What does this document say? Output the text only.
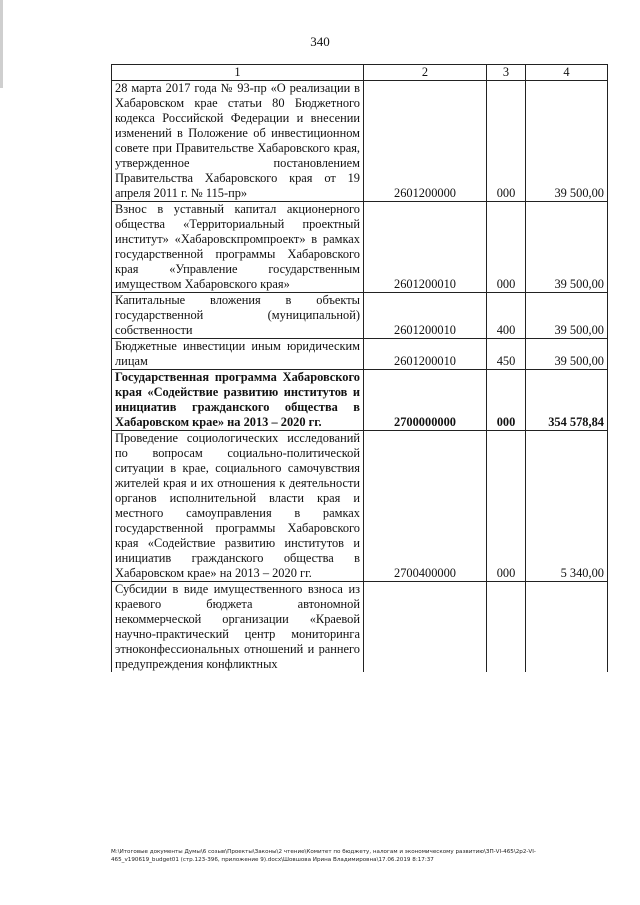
340
1	2	3	4
28 марта 2017 года № 93-пр «О реализации в Хабаровском крае статьи 80 Бюджетного кодекса Российской Федерации и внесении изменений в Положение об инвестиционном совете при Правительстве Хабаровского края, утвержденное постановлением Правительства Хабаровского края от 19 апреля 2011 г. № 115-пр»	2601200000	000	39 500,00
Взнос в уставный капитал акционерного общества «Территориальный проектный институт» «Хабаровскпромпроект» в рамках государственной программы Хабаровского края «Управление государственным имуществом Хабаровского края»	2601200010	000	39 500,00
Капитальные вложения в объекты государственной (муниципальной) собственности	2601200010	400	39 500,00
Бюджетные инвестиции иным юридическим лицам	2601200010	450	39 500,00
Государственная программа Хабаровского края «Содействие развитию институтов и инициатив гражданского общества в Хабаровском крае» на 2013 – 2020 гг.	2700000000	000	354 578,84
Проведение социологических исследований по вопросам социально-политической ситуации в крае, социального самочувствия жителей края и их отношения к деятельности органов исполнительной власти края и местного самоуправления в рамках государственной программы Хабаровского края «Содействие развитию институтов и инициатив гражданского общества в Хабаровском крае» на 2013 – 2020 гг.	2700400000	000	5 340,00
Субсидии в виде имущественного взноса из краевого бюджета автономной некоммерческой организации «Краевой научно-практический центр мониторинга этноконфессиональных отношений и раннего предупреждения конфликтных			
М:\Итоговые документы Думы\6 созыв\Проекты\Законы\2 чтение\Комитет по бюджету, налогам и экономическому развитию\ЗП-VI-465\2р2-VI-
465_v190619_budget01 (стр.123-396, приложение 9).docx\Шовшова Ирина Владимировна\17.06.2019 8:17:37
